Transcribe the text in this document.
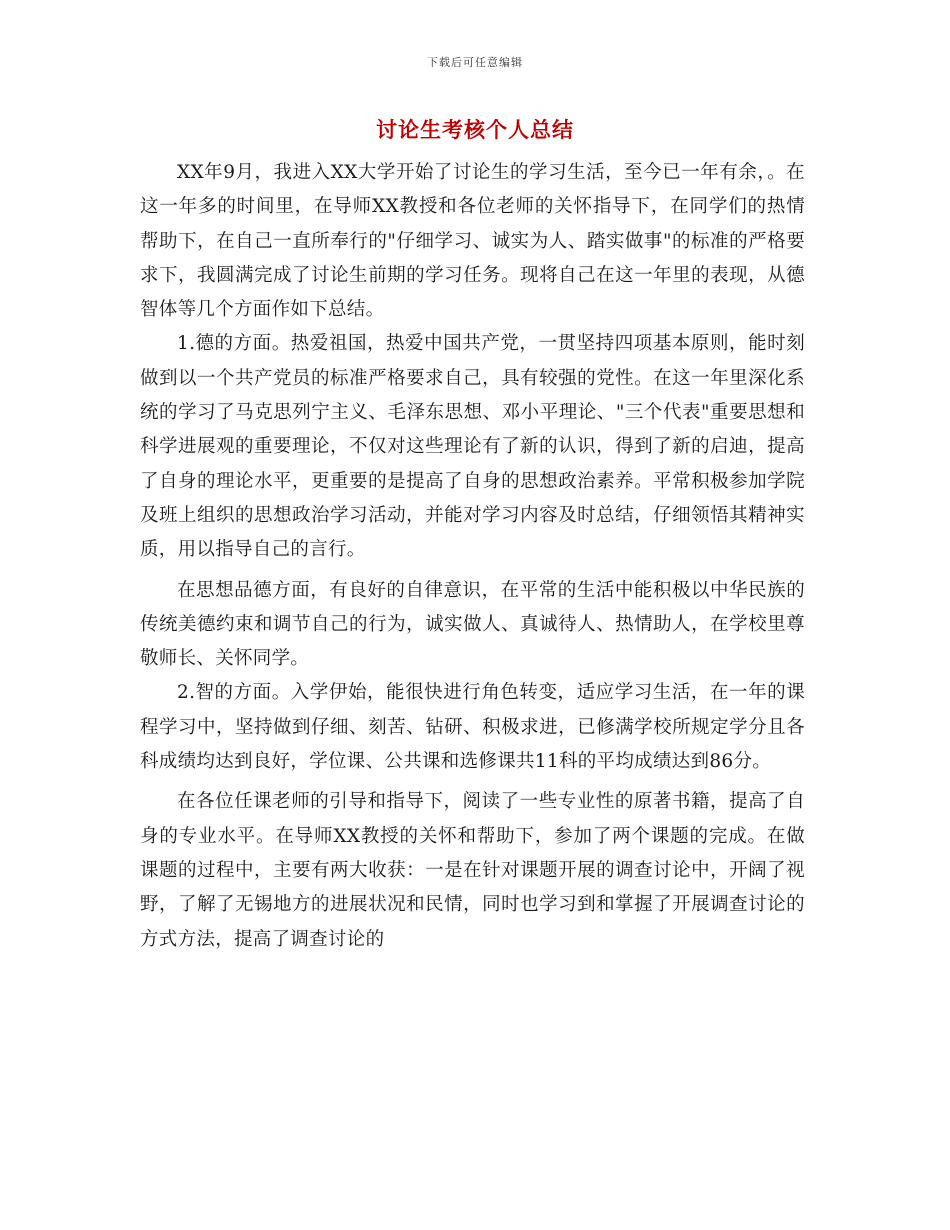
下载后可任意编辑
讨论生考核个人总结

XX年9月，我进入XX大学开始了讨论生的学习生活，至今已一年有余，。在这一年多的时间里，在导师XX教授和各位老师的关怀指导下，在同学们的热情帮助下，在自己一直所奉行的"仔细学习、诚实为人、踏实做事"的标准的严格要求下，我圆满完成了讨论生前期的学习任务。现将自己在这一年里的表现，从德智体等几个方面作如下总结。

1.德的方面。热爱祖国，热爱中国共产党，一贯坚持四项基本原则，能时刻做到以一个共产党员的标准严格要求自己，具有较强的党性。在这一年里深化系统的学习了马克思列宁主义、毛泽东思想、邓小平理论、"三个代表"重要思想和科学进展观的重要理论，不仅对这些理论有了新的认识，得到了新的启迪，提高了自身的理论水平，更重要的是提高了自身的思想政治素养。平常积极参加学院及班上组织的思想政治学习活动，并能对学习内容及时总结，仔细领悟其精神实质，用以指导自己的言行。

在思想品德方面，有良好的自律意识，在平常的生活中能积极以中华民族的传统美德约束和调节自己的行为，诚实做人、真诚待人、热情助人，在学校里尊敬师长、关怀同学。

2.智的方面。入学伊始，能很快进行角色转变，适应学习生活，在一年的课程学习中，坚持做到仔细、刻苦、钻研、积极求进，已修满学校所规定学分且各科成绩均达到良好，学位课、公共课和选修课共11科的平均成绩达到86分。

在各位任课老师的引导和指导下，阅读了一些专业性的原著书籍，提高了自身的专业水平。在导师XX教授的关怀和帮助下，参加了两个课题的完成。在做课题的过程中，主要有两大收获：一是在针对课题开展的调查讨论中，开阔了视野，了解了无锡地方的进展状况和民情，同时也学习到和掌握了开展调查讨论的方式方法，提高了调查讨论的
